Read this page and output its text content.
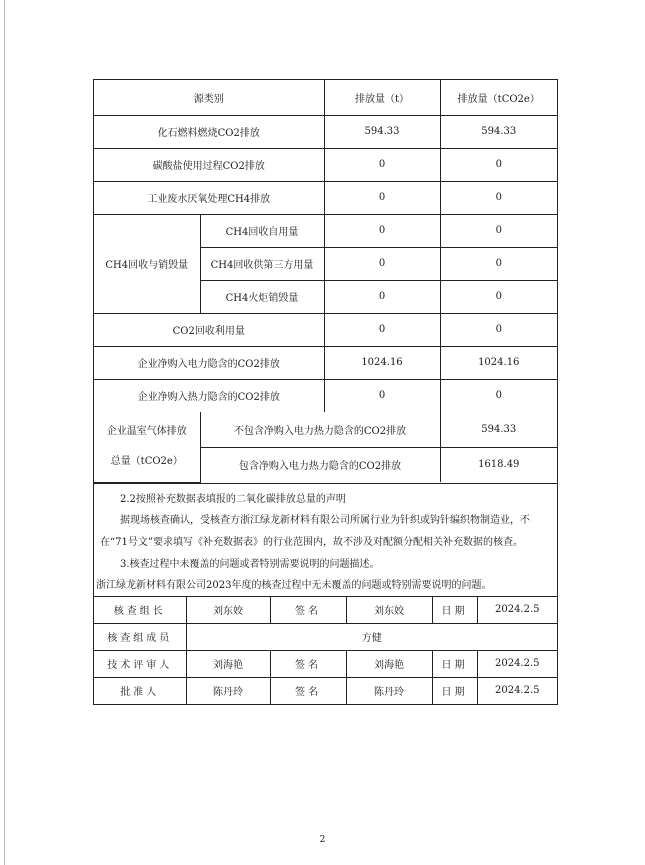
源类别		排放量（t）	排放量（tCO2e）
化石燃料燃烧CO2排放		594.33	594.33
碳酸盐使用过程CO2排放		0	0
工业废水厌氧处理CH4排放		0	0
CH4回收与销毁量	CH4回收自用量	0	0
	CH4回收供第三方用量	0	0
	CH4火炬销毁量	0	0
CO2回收利用量		0	0
企业净购入电力隐含的CO2排放		1024.16	1024.16
企业净购入热力隐含的CO2排放		0	0
企业温室气体排放
总量（tCO2e）	不包含净购入电力热力隐含的CO2排放	594.33
	包含净购入电力热力隐含的CO2排放	1618.49

2.2按照补充数据表填报的二氧化碳排放总量的声明

据现场核查确认，受核查方浙江绿龙新材料有限公司所属行业为针织或钩针编织物制造业，不在“71号文”要求填写《补充数据表》的行业范围内，故不涉及对配额分配相关补充数据的核查。

3.核查过程中未覆盖的问题或者特别需要说明的问题描述。

浙江绿龙新材料有限公司2023年度的核查过程中无未覆盖的问题或特别需要说明的问题。

核查组长	刘东姣	签名	刘东姣	日期	2024.2.5
核查组成员	方健				
技术评审人	刘海艳	签名	刘海艳	日期	2024.2.5
批准人	陈丹玲	签名	陈丹玲	日期	2024.2.5
2
